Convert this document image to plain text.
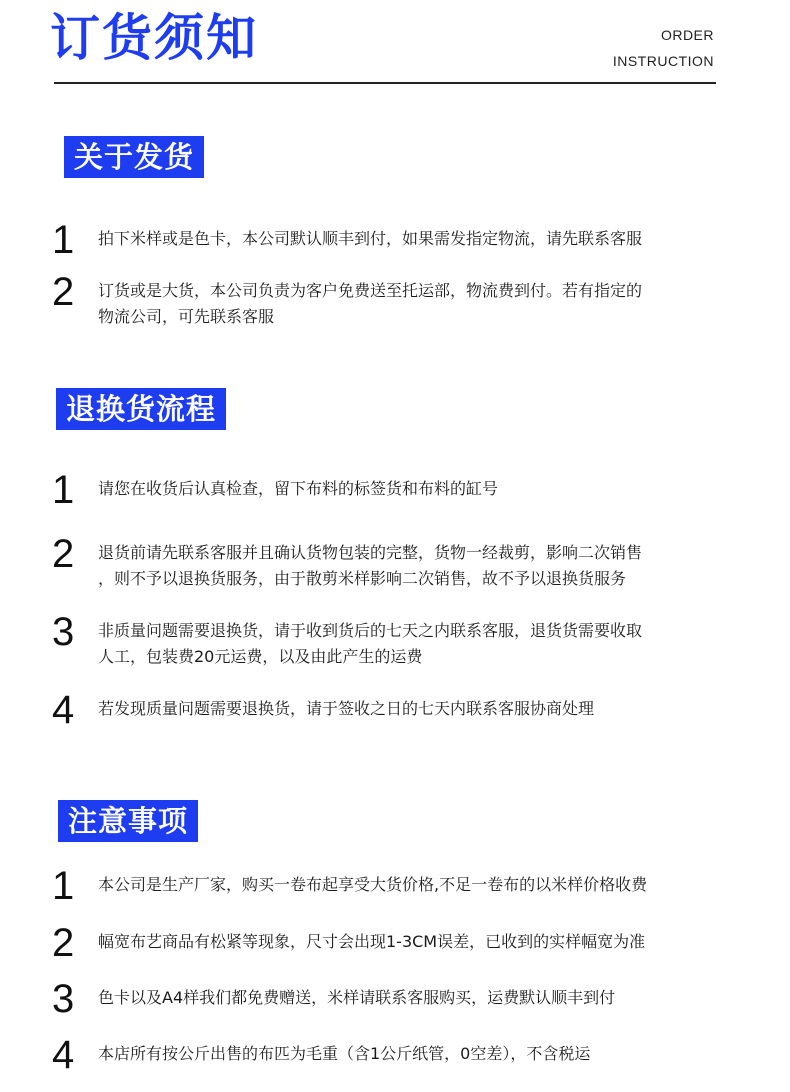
订货须知	ORDER
INSTRUCTION
关于发货
1	拍下米样或是色卡，本公司默认顺丰到付，如果需发指定物流，请先联系客服
2	订货或是大货，本公司负责为客户免费送至托运部，物流费到付。若有指定的
物流公司，可先联系客服
退换货流程
1	请您在收货后认真检查，留下布料的标签货和布料的缸号
2	退货前请先联系客服并且确认货物包装的完整，货物一经裁剪，影响二次销售
，则不予以退换货服务，由于散剪米样影响二次销售，故不予以退换货服务
3	非质量问题需要退换货，请于收到货后的七天之内联系客服，退货货需要收取
人工，包装费20元运费，以及由此产生的运费
4	若发现质量问题需要退换货，请于签收之日的七天内联系客服协商处理
注意事项
1	本公司是生产厂家，购买一卷布起享受大货价格,不足一卷布的以米样价格收费
2	幅宽布艺商品有松紧等现象，尺寸会出现1-3CM误差，已收到的实样幅宽为准
3	色卡以及A4样我们都免费赠送，米样请联系客服购买，运费默认顺丰到付
4	本店所有按公斤出售的布匹为毛重（含1公斤纸管，0空差），不含税运
